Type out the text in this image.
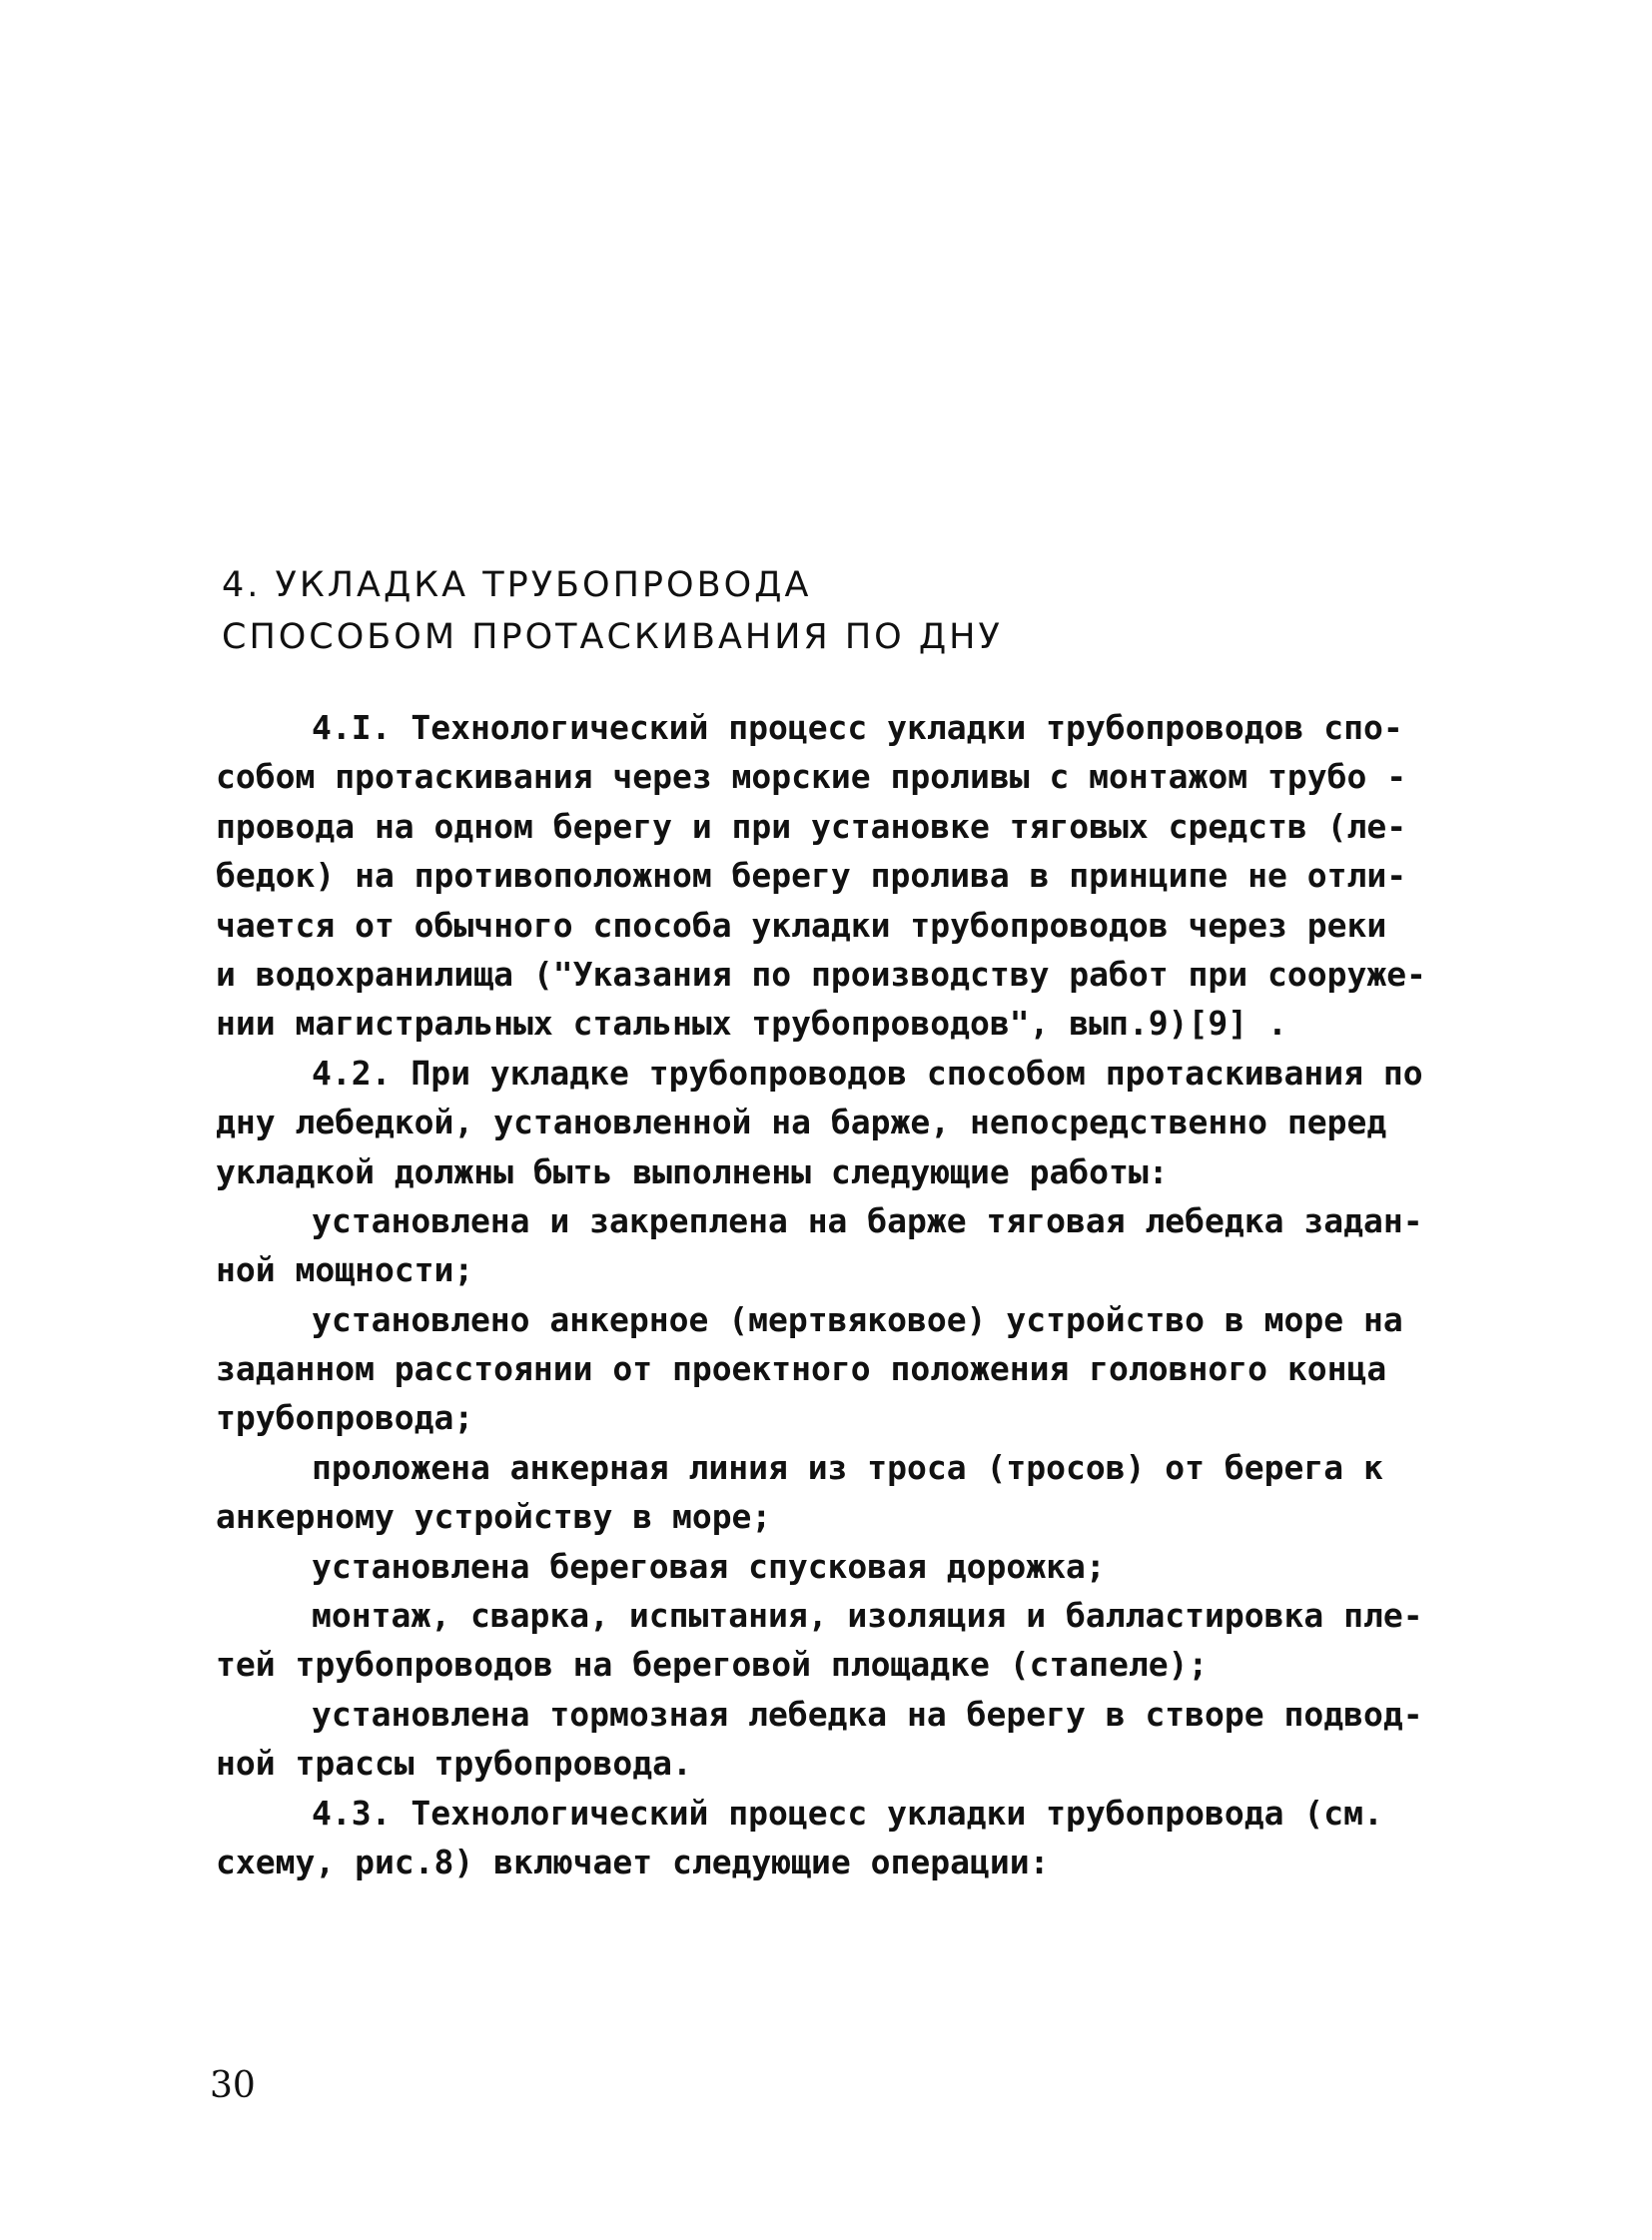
4. УКЛАДКА ТРУБОПРОВОДА
СПОСОБОМ ПРОТАСКИВАНИЯ ПО ДНУ
4.I. Технологический процесс укладки трубопроводов спо-
собом протаскивания через морские проливы с монтажом трубо -
провода на одном берегу и при установке тяговых средств (ле-
бедок) на противоположном берегу пролива в принципе не отли-
чается от обычного способа укладки трубопроводов через реки
и водохранилища ("Указания по производству работ при сооруже-
нии магистральных стальных трубопроводов", вып.9)[9] .
4.2. При укладке трубопроводов способом протаскивания по
дну лебедкой, установленной на барже, непосредственно перед
укладкой должны быть выполнены следующие работы:
установлена и закреплена на барже тяговая лебедка задан-
ной мощности;
установлено анкерное (мертвяковое) устройство в море на
заданном расстоянии от проектного положения головного конца
трубопровода;
проложена анкерная линия из троса (тросов) от берега к
анкерному устройству в море;
установлена береговая спусковая дорожка;
монтаж, сварка, испытания, изоляция и балластировка пле-
тей трубопроводов на береговой площадке (стапеле);
установлена тормозная лебедка на берегу в створе подвод-
ной трассы трубопровода.
4.3. Технологический процесс укладки трубопровода (см.
схему, рис.8) включает следующие операции:
30
